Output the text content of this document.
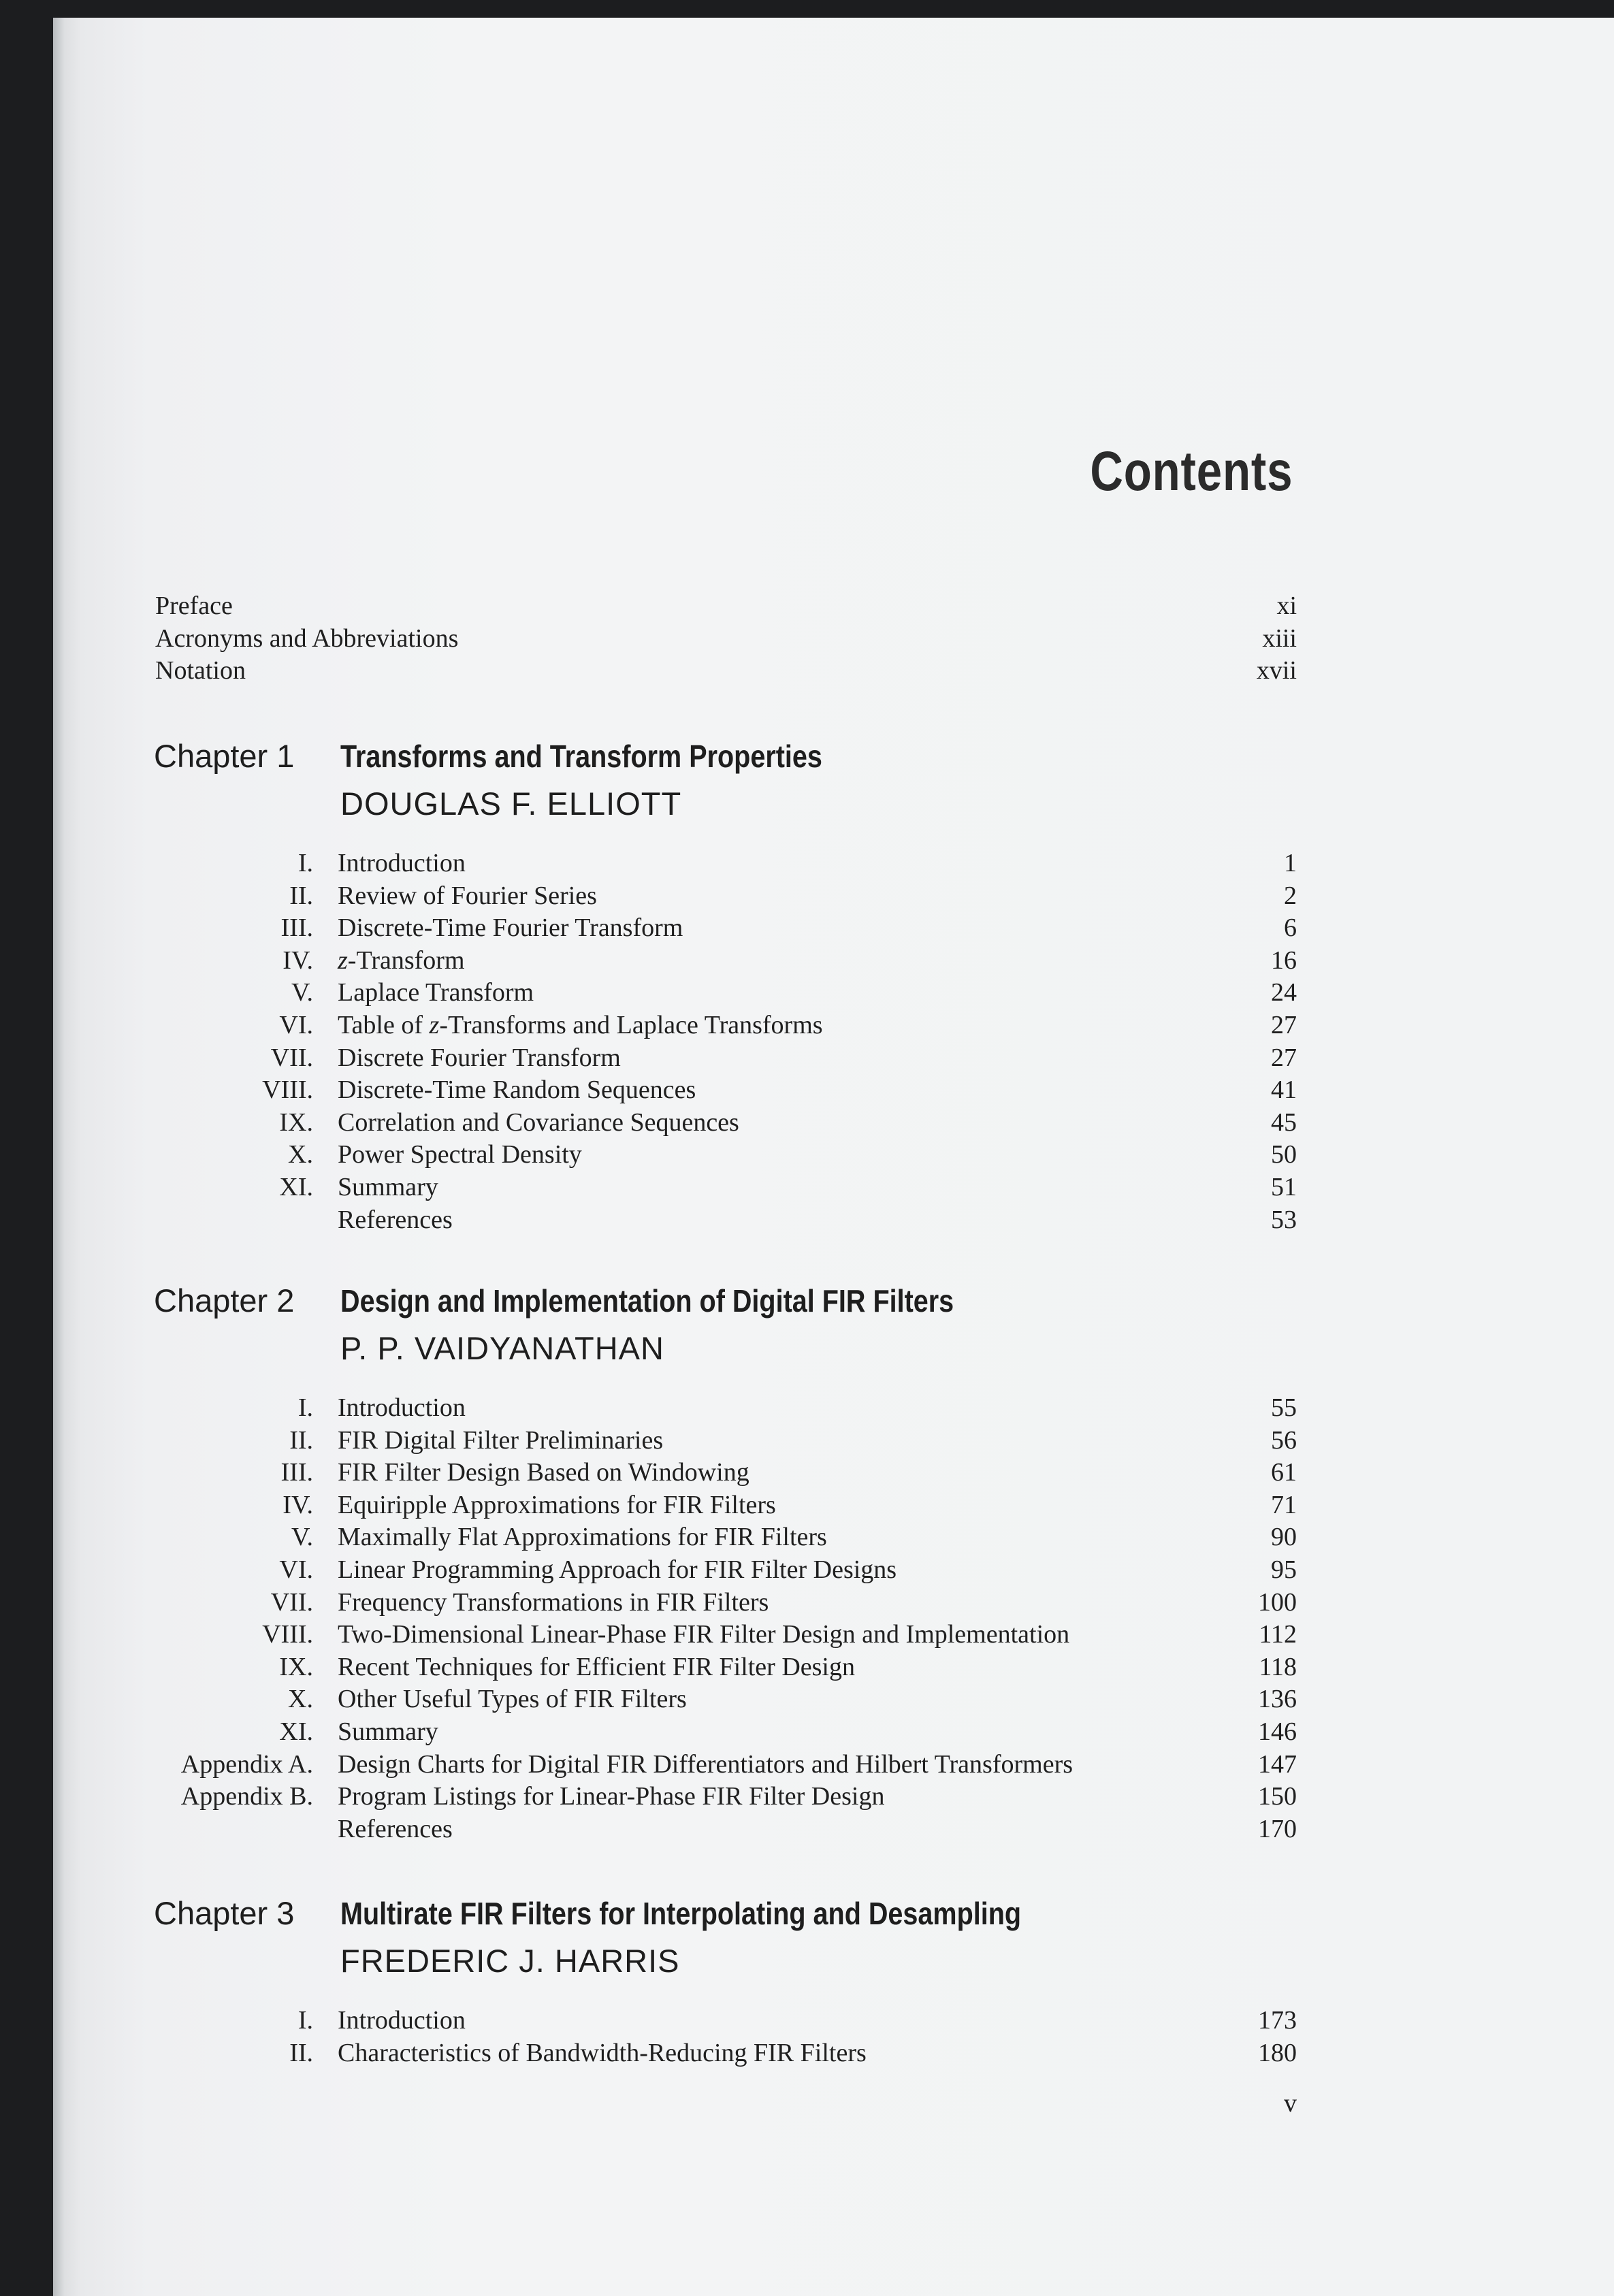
Contents
Preface	xi
Acronyms and Abbreviations	xiii
Notation	xvii
Chapter 1 Transforms and Transform Properties
DOUGLAS F. ELLIOTT
I. Introduction	1
II. Review of Fourier Series	2
III. Discrete-Time Fourier Transform	6
IV. z-Transform	16
V. Laplace Transform	24
VI. Table of z-Transforms and Laplace Transforms	27
VII. Discrete Fourier Transform	27
VIII. Discrete-Time Random Sequences	41
IX. Correlation and Covariance Sequences	45
X. Power Spectral Density	50
XI. Summary	51
References	53
Chapter 2 Design and Implementation of Digital FIR Filters
P. P. VAIDYANATHAN
I. Introduction	55
II. FIR Digital Filter Preliminaries	56
III. FIR Filter Design Based on Windowing	61
IV. Equiripple Approximations for FIR Filters	71
V. Maximally Flat Approximations for FIR Filters	90
VI. Linear Programming Approach for FIR Filter Designs	95
VII. Frequency Transformations in FIR Filters	100
VIII. Two-Dimensional Linear-Phase FIR Filter Design and Implementation	112
IX. Recent Techniques for Efficient FIR Filter Design	118
X. Other Useful Types of FIR Filters	136
XI. Summary	146
Appendix A. Design Charts for Digital FIR Differentiators and Hilbert Transformers	147
Appendix B. Program Listings for Linear-Phase FIR Filter Design	150
References	170
Chapter 3 Multirate FIR Filters for Interpolating and Desampling
FREDERIC J. HARRIS
I. Introduction	173
II. Characteristics of Bandwidth-Reducing FIR Filters	180
v
